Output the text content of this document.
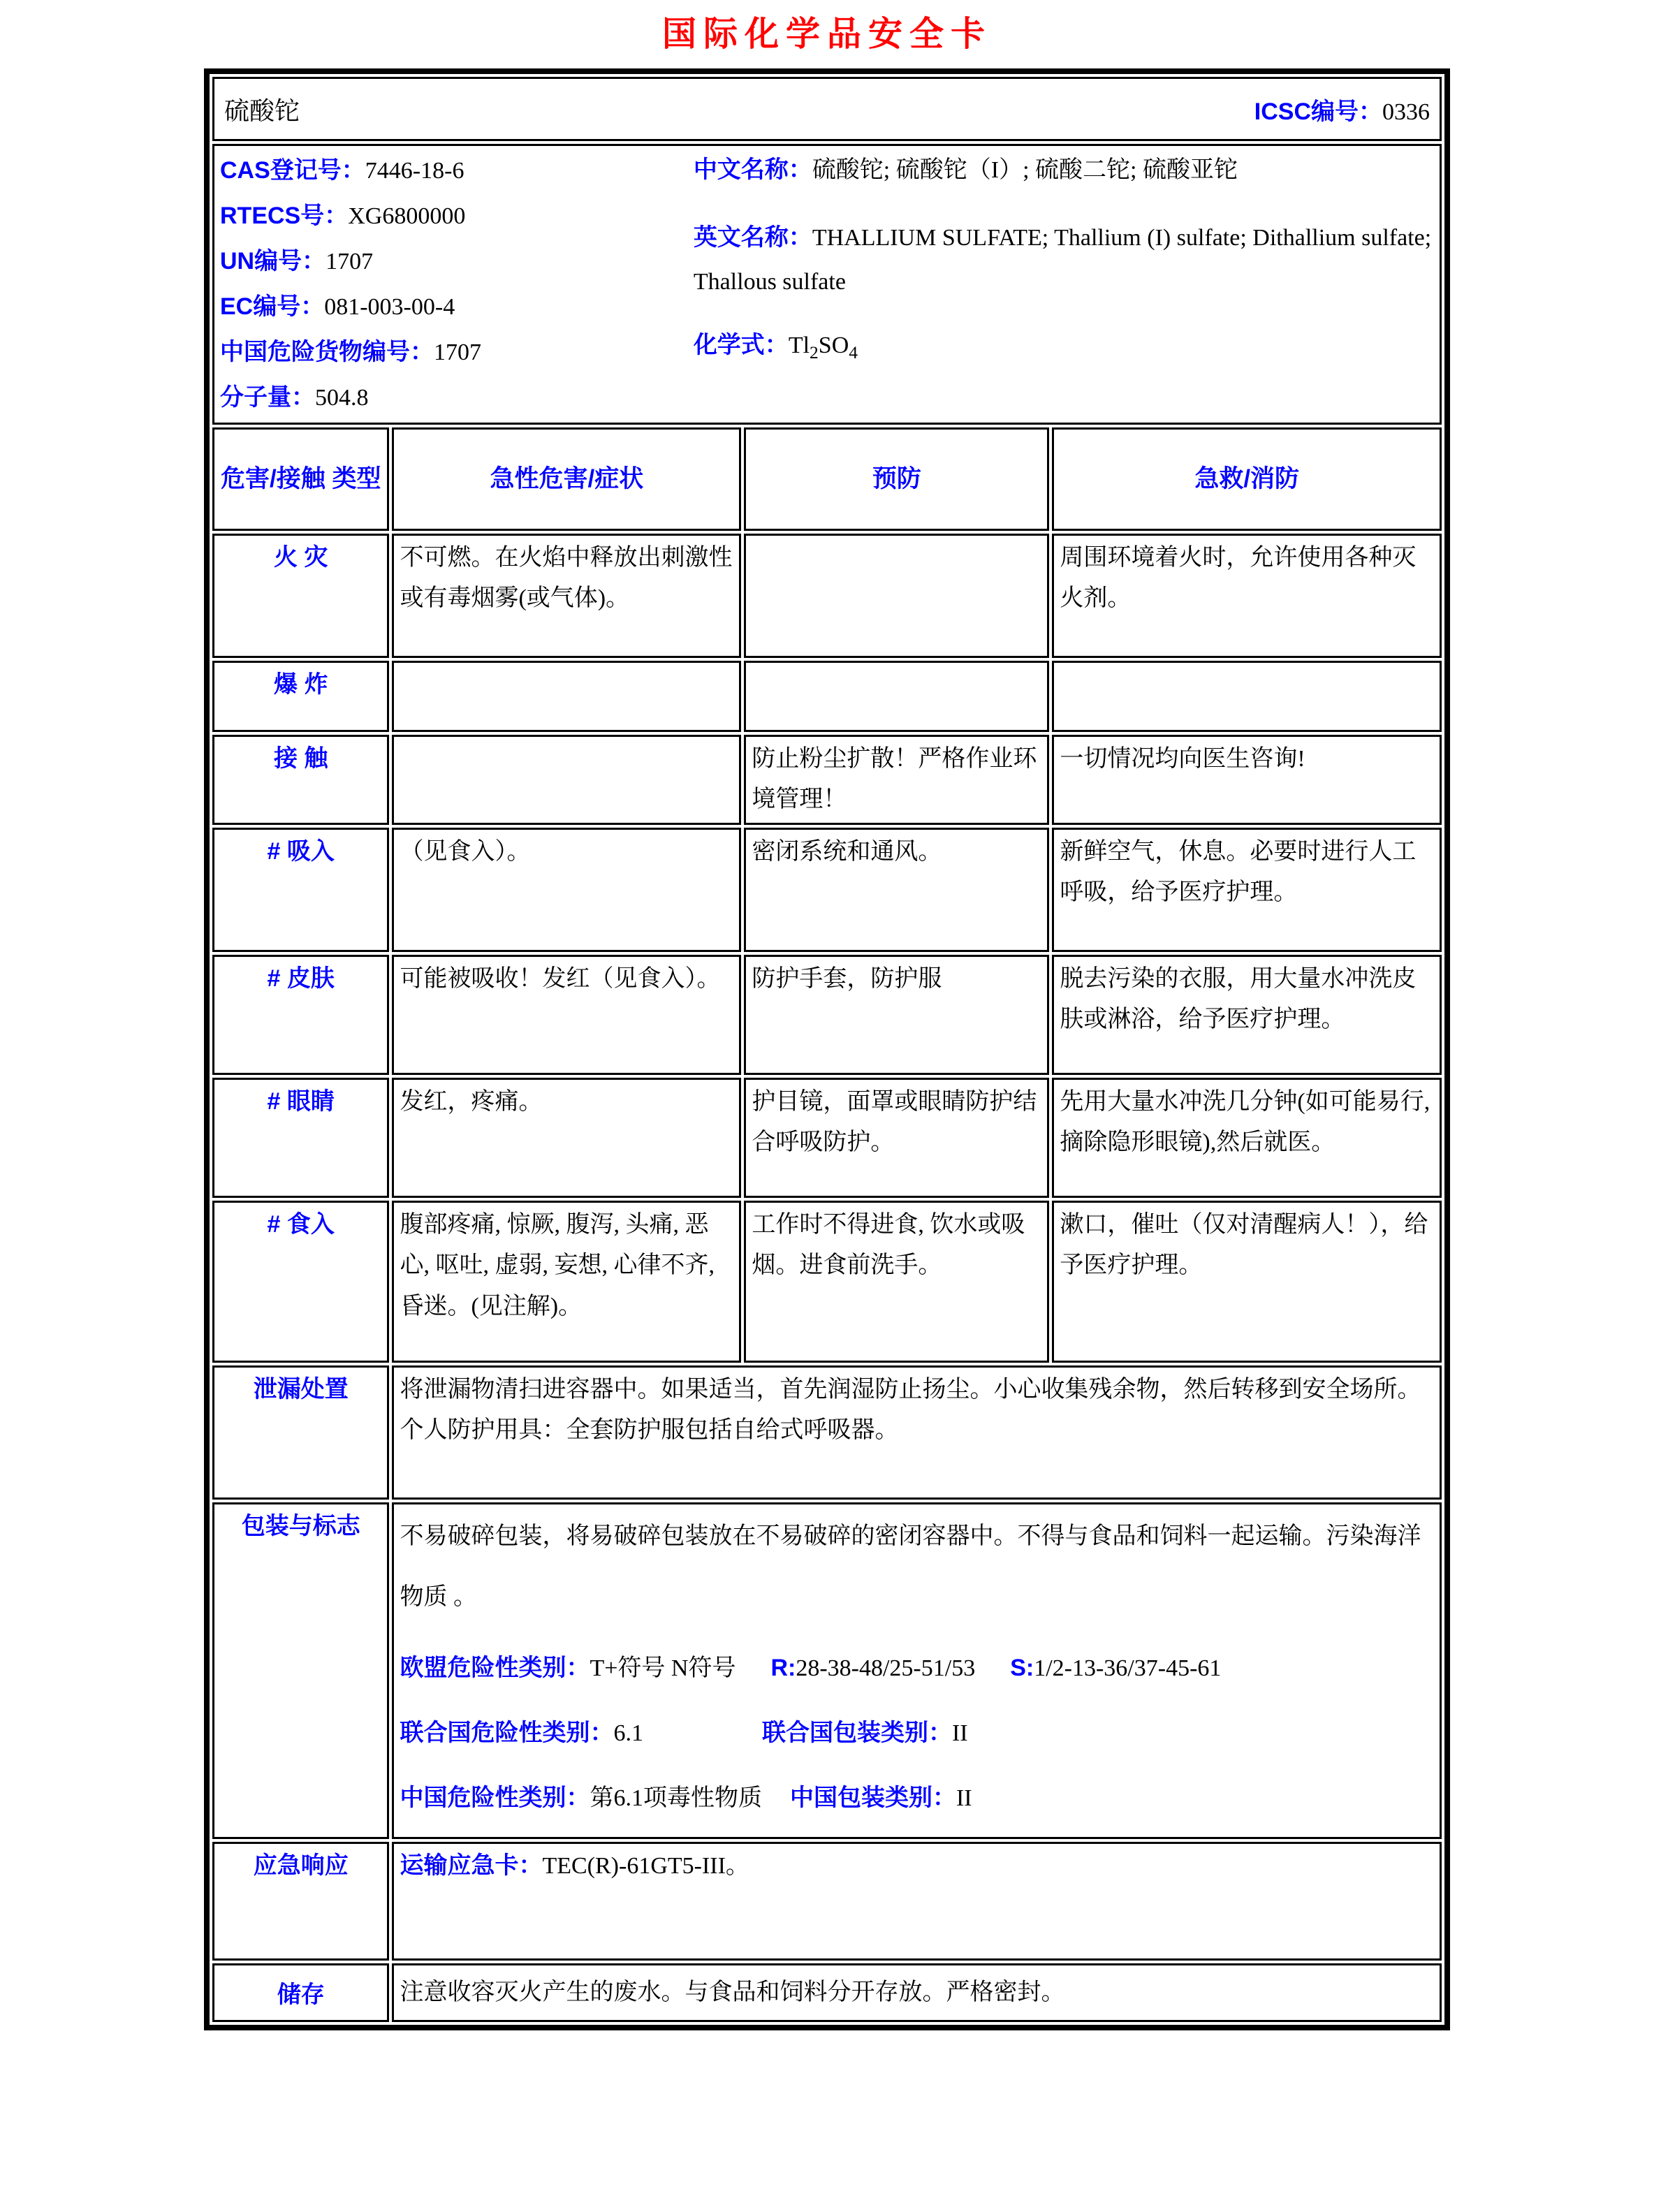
国际化学品安全卡
硫酸铊 ICSC编号：0336			

CAS登记号：7446-18-6
RTECS号：XG6800000
UN编号：1707
EC编号：081-003-00-4
中国危险货物编号：1707
分子量：504.8
中文名称：硫酸铊; 硫酸铊（I）; 硫酸二铊; 硫酸亚铊
英文名称：THALLIUM SULFATE; Thallium (I) sulfate; Dithallium sulfate; Thallous sulfate
化学式：$Tl_2SO_4$

危害/接触 类型	急性危害/症状	预防	急救/消防
火 灾	不可燃。在火焰中释放出刺激性或有毒烟雾(或气体)。		周围环境着火时，允许使用各种灭火剂。
爆 炸			
接 触		防止粉尘扩散！严格作业环境管理！	一切情况均向医生咨询!
# 吸入	（见食入）。	密闭系统和通风。	新鲜空气，休息。必要时进行人工呼吸，给予医疗护理。
# 皮肤	可能被吸收！发红（见食入）。	防护手套，防护服	脱去污染的衣服，用大量水冲洗皮肤或淋浴，给予医疗护理。
# 眼睛	发红，疼痛。	护目镜，面罩或眼睛防护结合呼吸防护。	先用大量水冲洗几分钟(如可能易行,摘除隐形眼镜),然后就医。
# 食入	腹部疼痛, 惊厥, 腹泻, 头痛, 恶心, 呕吐, 虚弱, 妄想, 心律不齐, 昏迷。(见注解)。	工作时不得进食, 饮水或吸烟。进食前洗手。	漱口，催吐（仅对清醒病人！），给予医疗护理。
泄漏处置	将泄漏物清扫进容器中。如果适当，首先润湿防止扬尘。小心收集残余物，然后转移到安全场所。个人防护用具：全套防护服包括自给式呼吸器。		
包装与标志	不易破碎包装，将易破碎包装放在不易破碎的密闭容器中。不得与食品和饲料一起运输。污染海洋物质 。
欧盟危险性类别：T+符号 N符号 R:28-38-48/25-51/53 S:1/2-13-36/37-45-61
联合国危险性类别：6.1 联合国包装类别：II
中国危险性类别：第6.1项毒性物质 中国包装类别：II		

应急响应	运输应急卡：TEC(R)-61GT5-III。		
储存	注意收容灭火产生的废水。与食品和饲料分开存放。严格密封。		
